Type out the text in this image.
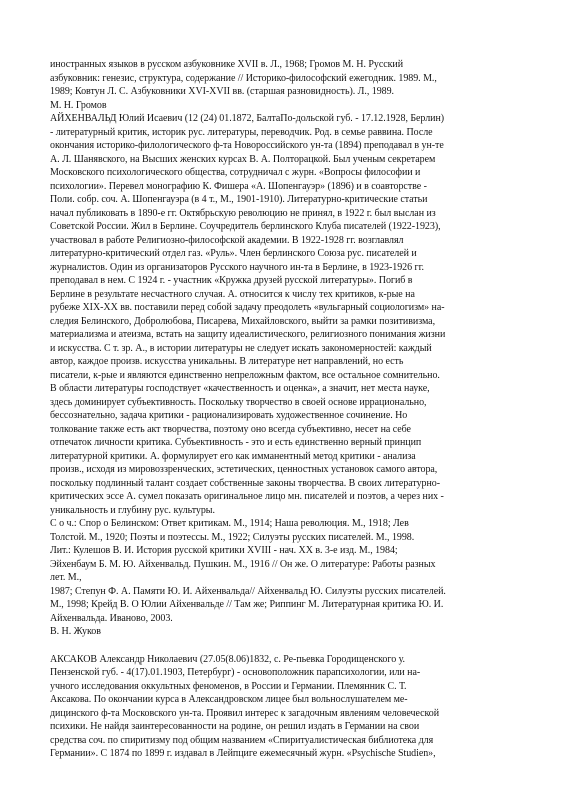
иностранных языков в русском азбуковнике XVII в. Л., 1968; Громов М. Н. Русский
азбуковник: генезис, структура, содержание // Историко-философский ежегодник. 1989. М.,
1989; Ковтун Л. С. Азбуковники XVI-XVII вв. (старшая разновидность). Л., 1989.
М. Н. Громов
АЙХЕНВАЛЬД Юлий Исаевич (12 (24) 01.1872, БалтаПо-дольской губ. - 17.12.1928, Берлин)
- литературный критик, историк рус. литературы, переводчик. Род. в семье раввина. После
окончания историко-филологического ф-та Новороссийского ун-та (1894) преподавал в ун-те
А. Л. Шанявского, на Высших женских курсах В. А. Полторацкой. Был ученым секретарем
Московского психологического общества, сотрудничал с журн. «Вопросы философии и
психологии». Перевел монографию К. Фишера «А. Шопенгауэр» (1896) и в соавторстве -
Поли. собр. соч. А. Шопенгауэра (в 4 т., М., 1901-1910). Литературно-критические статьи
начал публиковать в 1890-е гг. Октябрьскую революцию не принял, в 1922 г. был выслан из
Советской России. Жил в Берлине. Соучредитель берлинского Клуба писателей (1922-1923),
участвовал в работе Религиозно-философской академии. В 1922-1928 гг. возглавлял
литературно-критический отдел газ. «Руль». Член берлинского Союза рус. писателей и
журналистов. Один из организаторов Русского научного ин-та в Берлине, в 1923-1926 гг.
преподавал в нем. С 1924 г. - участник «Кружка друзей русской литературы». Погиб в
Берлине в результате несчастного случая. А. относится к числу тех критиков, к-рые на
рубеже XIX-XX вв. поставили перед собой задачу преодолеть «вульгарный социологизм» на-
следия Белинского, Добролюбова, Писарева, Михайловского, выйти за рамки позитивизма,
материализма и атеизма, встать на защиту идеалистического, религиозного понимания жизни
и искусства. С т. зр. А., в истории литературы не следует искать закономерностей: каждый
автор, каждое произв. искусства уникальны. В литературе нет направлений, но есть
писатели, к-рые и являются единственно непреложным фактом, все остальное сомнительно.
В области литературы господствует «качественность и оценка», а значит, нет места науке,
здесь доминирует субъективность. Поскольку творчество в своей основе иррационально,
бессознательно, задача критики - рационализировать художественное сочинение. Но
толкование также есть акт творчества, поэтому оно всегда субъективно, несет на себе
отпечаток личности критика. Субъективность - это и есть единственно верный принцип
литературной критики. А. формулирует его как имманентный метод критики - анализа
произв., исходя из мировоззренческих, эстетических, ценностных установок самого автора,
поскольку подлинный талант создает собственные законы творчества. В своих литературно-
критических эссе А. сумел показать оригинальное лицо мн. писателей и поэтов, а через них -
уникальность и глубину рус. культуры.
С о ч.: Спор о Белинском: Ответ критикам. М., 1914; Наша революция. М., 1918; Лев
Толстой. М., 1920; Поэты и поэтессы. М., 1922; Силуэты русских писателей. М., 1998.
Лит.: Кулешов В. И. История русской критики XVIII - нач. XX в. 3-е изд. М., 1984;
Эйхенбаум Б. М. Ю. Айхенвальд. Пушкин. М., 1916 // Он же. О литературе: Работы разных
лет. М.,
1987; Степун Ф. А. Памяти Ю. И. Айхенвальда// Айхенвальд Ю. Силуэты русских писателей.
М., 1998; Крейд В. О Юлии Айхенвальде // Там же; Риппинг М. Литературная критика Ю. И.
Айхенвальда. Иваново, 2003.
В. Н. Жуков
АКСАКОВ Александр Николаевич (27.05(8.06)1832, с. Ре-пьевка Городищенского у.
Пензенской губ. - 4(17).01.1903, Петербург) - основоположник парапсихологии, или на-
учного исследования оккультных феноменов, в России и Германии. Племянник С. Т.
Аксакова. По окончании курса в Александровском лицее был вольнослушателем ме-
дицинского ф-та Московского ун-та. Проявил интерес к загадочным явлениям человеческой
психики. Не найдя заинтересованности на родине, он решил издать в Германии на свои
средства соч. по спиритизму под общим названием «Спиритуалистическая библиотека для
Германии». С 1874 по 1899 г. издавал в Лейпциге ежемесячный журн. «Psychische Studien»,
